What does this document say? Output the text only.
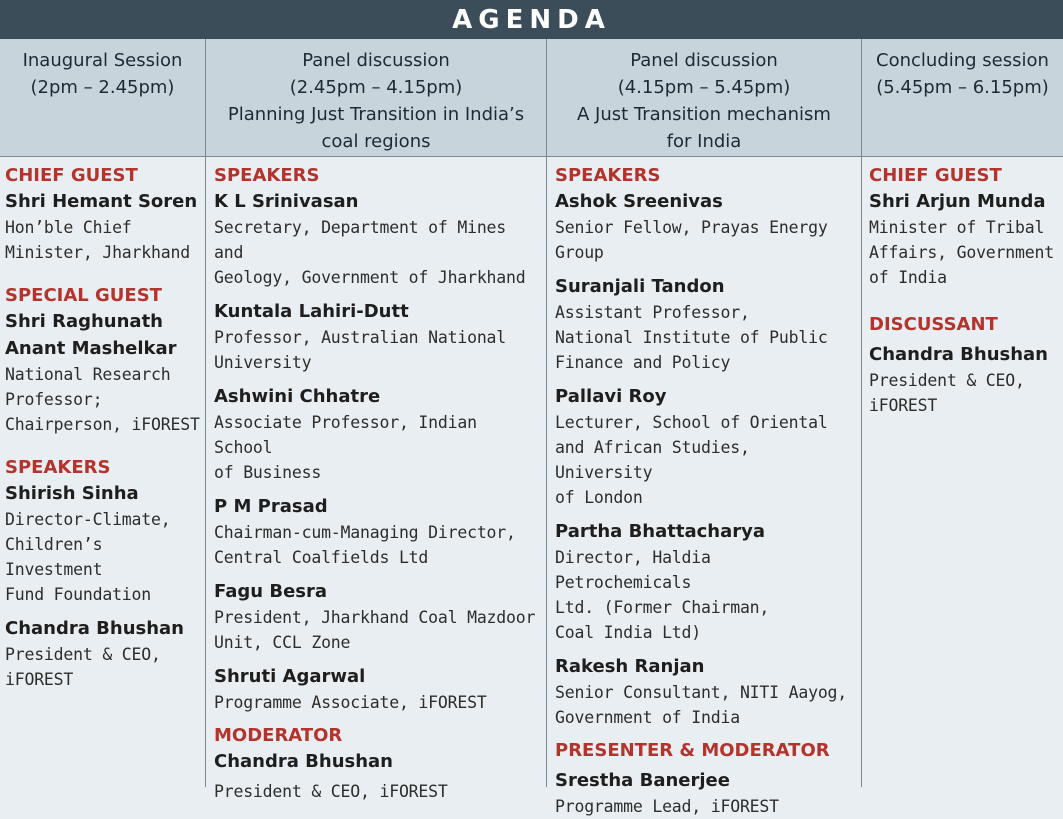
AGENDA
Inaugural Session
(2pm – 2.45pm)
Panel discussion
(2.45pm – 4.15pm)
Planning Just Transition in India’s
coal regions
Panel discussion
(4.15pm – 5.45pm)
A Just Transition mechanism
for India
Concluding session
(5.45pm – 6.15pm)
CHIEF GUEST
Shri Hemant Soren
Hon’ble Chief
Minister, Jharkhand
SPECIAL GUEST
Shri Raghunath
Anant Mashelkar
National Research
Professor;
Chairperson, iFOREST
SPEAKERS
Shirish Sinha
Director-Climate,
Children’s Investment
Fund Foundation
Chandra Bhushan
President & CEO,
iFOREST
SPEAKERS
K L Srinivasan
Secretary, Department of Mines and
Geology, Government of Jharkhand
Kuntala Lahiri-Dutt
Professor, Australian National
University
Ashwini Chhatre
Associate Professor, Indian School
of Business
P M Prasad
Chairman-cum-Managing Director,
Central Coalfields Ltd
Fagu Besra
President, Jharkhand Coal Mazdoor
Unit, CCL Zone
Shruti Agarwal
Programme Associate, iFOREST
MODERATOR
Chandra Bhushan
President & CEO, iFOREST
SPEAKERS
Ashok Sreenivas
Senior Fellow, Prayas Energy
Group
Suranjali Tandon
Assistant Professor,
National Institute of Public
Finance and Policy
Pallavi Roy
Lecturer, School of Oriental
and African Studies, University
of London
Partha Bhattacharya
Director, Haldia Petrochemicals
Ltd. (Former Chairman,
Coal India Ltd)
Rakesh Ranjan
Senior Consultant, NITI Aayog,
Government of India
PRESENTER & MODERATOR
Srestha Banerjee
Programme Lead, iFOREST
CHIEF GUEST
Shri Arjun Munda
Minister of Tribal
Affairs, Government
of India
DISCUSSANT
Chandra Bhushan
President & CEO,
iFOREST
